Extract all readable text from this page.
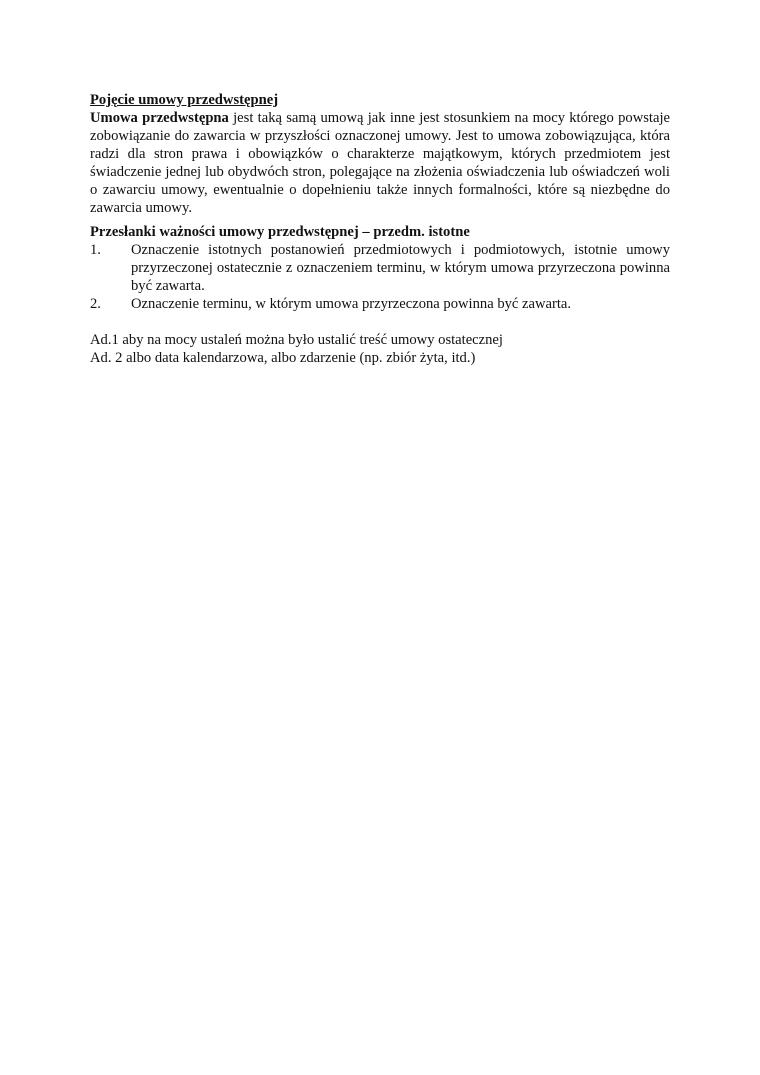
Pojęcie umowy przedwstępnej

Umowa przedwstępna jest taką samą umową jak inne jest stosunkiem na mocy którego powstaje zobowiązanie do zawarcia w przyszłości oznaczonej umowy. Jest to umowa zobowiązująca, która radzi dla stron prawa i obowiązków o charakterze majątkowym, których przedmiotem jest świadczenie jednej lub obydwóch stron, polegające na złożenia oświadczenia lub oświadczeń woli o zawarciu umowy, ewentualnie o dopełnieniu także innych formalności, które są niezbędne do zawarcia umowy.

Przesłanki ważności umowy przedwstępnej – przedm. istotne
1.	Oznaczenie istotnych postanowień przedmiotowych i podmiotowych, istotnie umowy przyrzeczonej ostatecznie z oznaczeniem terminu, w którym umowa przyrzeczona powinna być zawarta.
2.	Oznaczenie terminu, w którym umowa przyrzeczona powinna być zawarta.
Ad.1 aby na mocy ustaleń można było ustalić treść umowy ostatecznej
Ad. 2 albo data kalendarzowa, albo zdarzenie (np. zbiór żyta, itd.)
